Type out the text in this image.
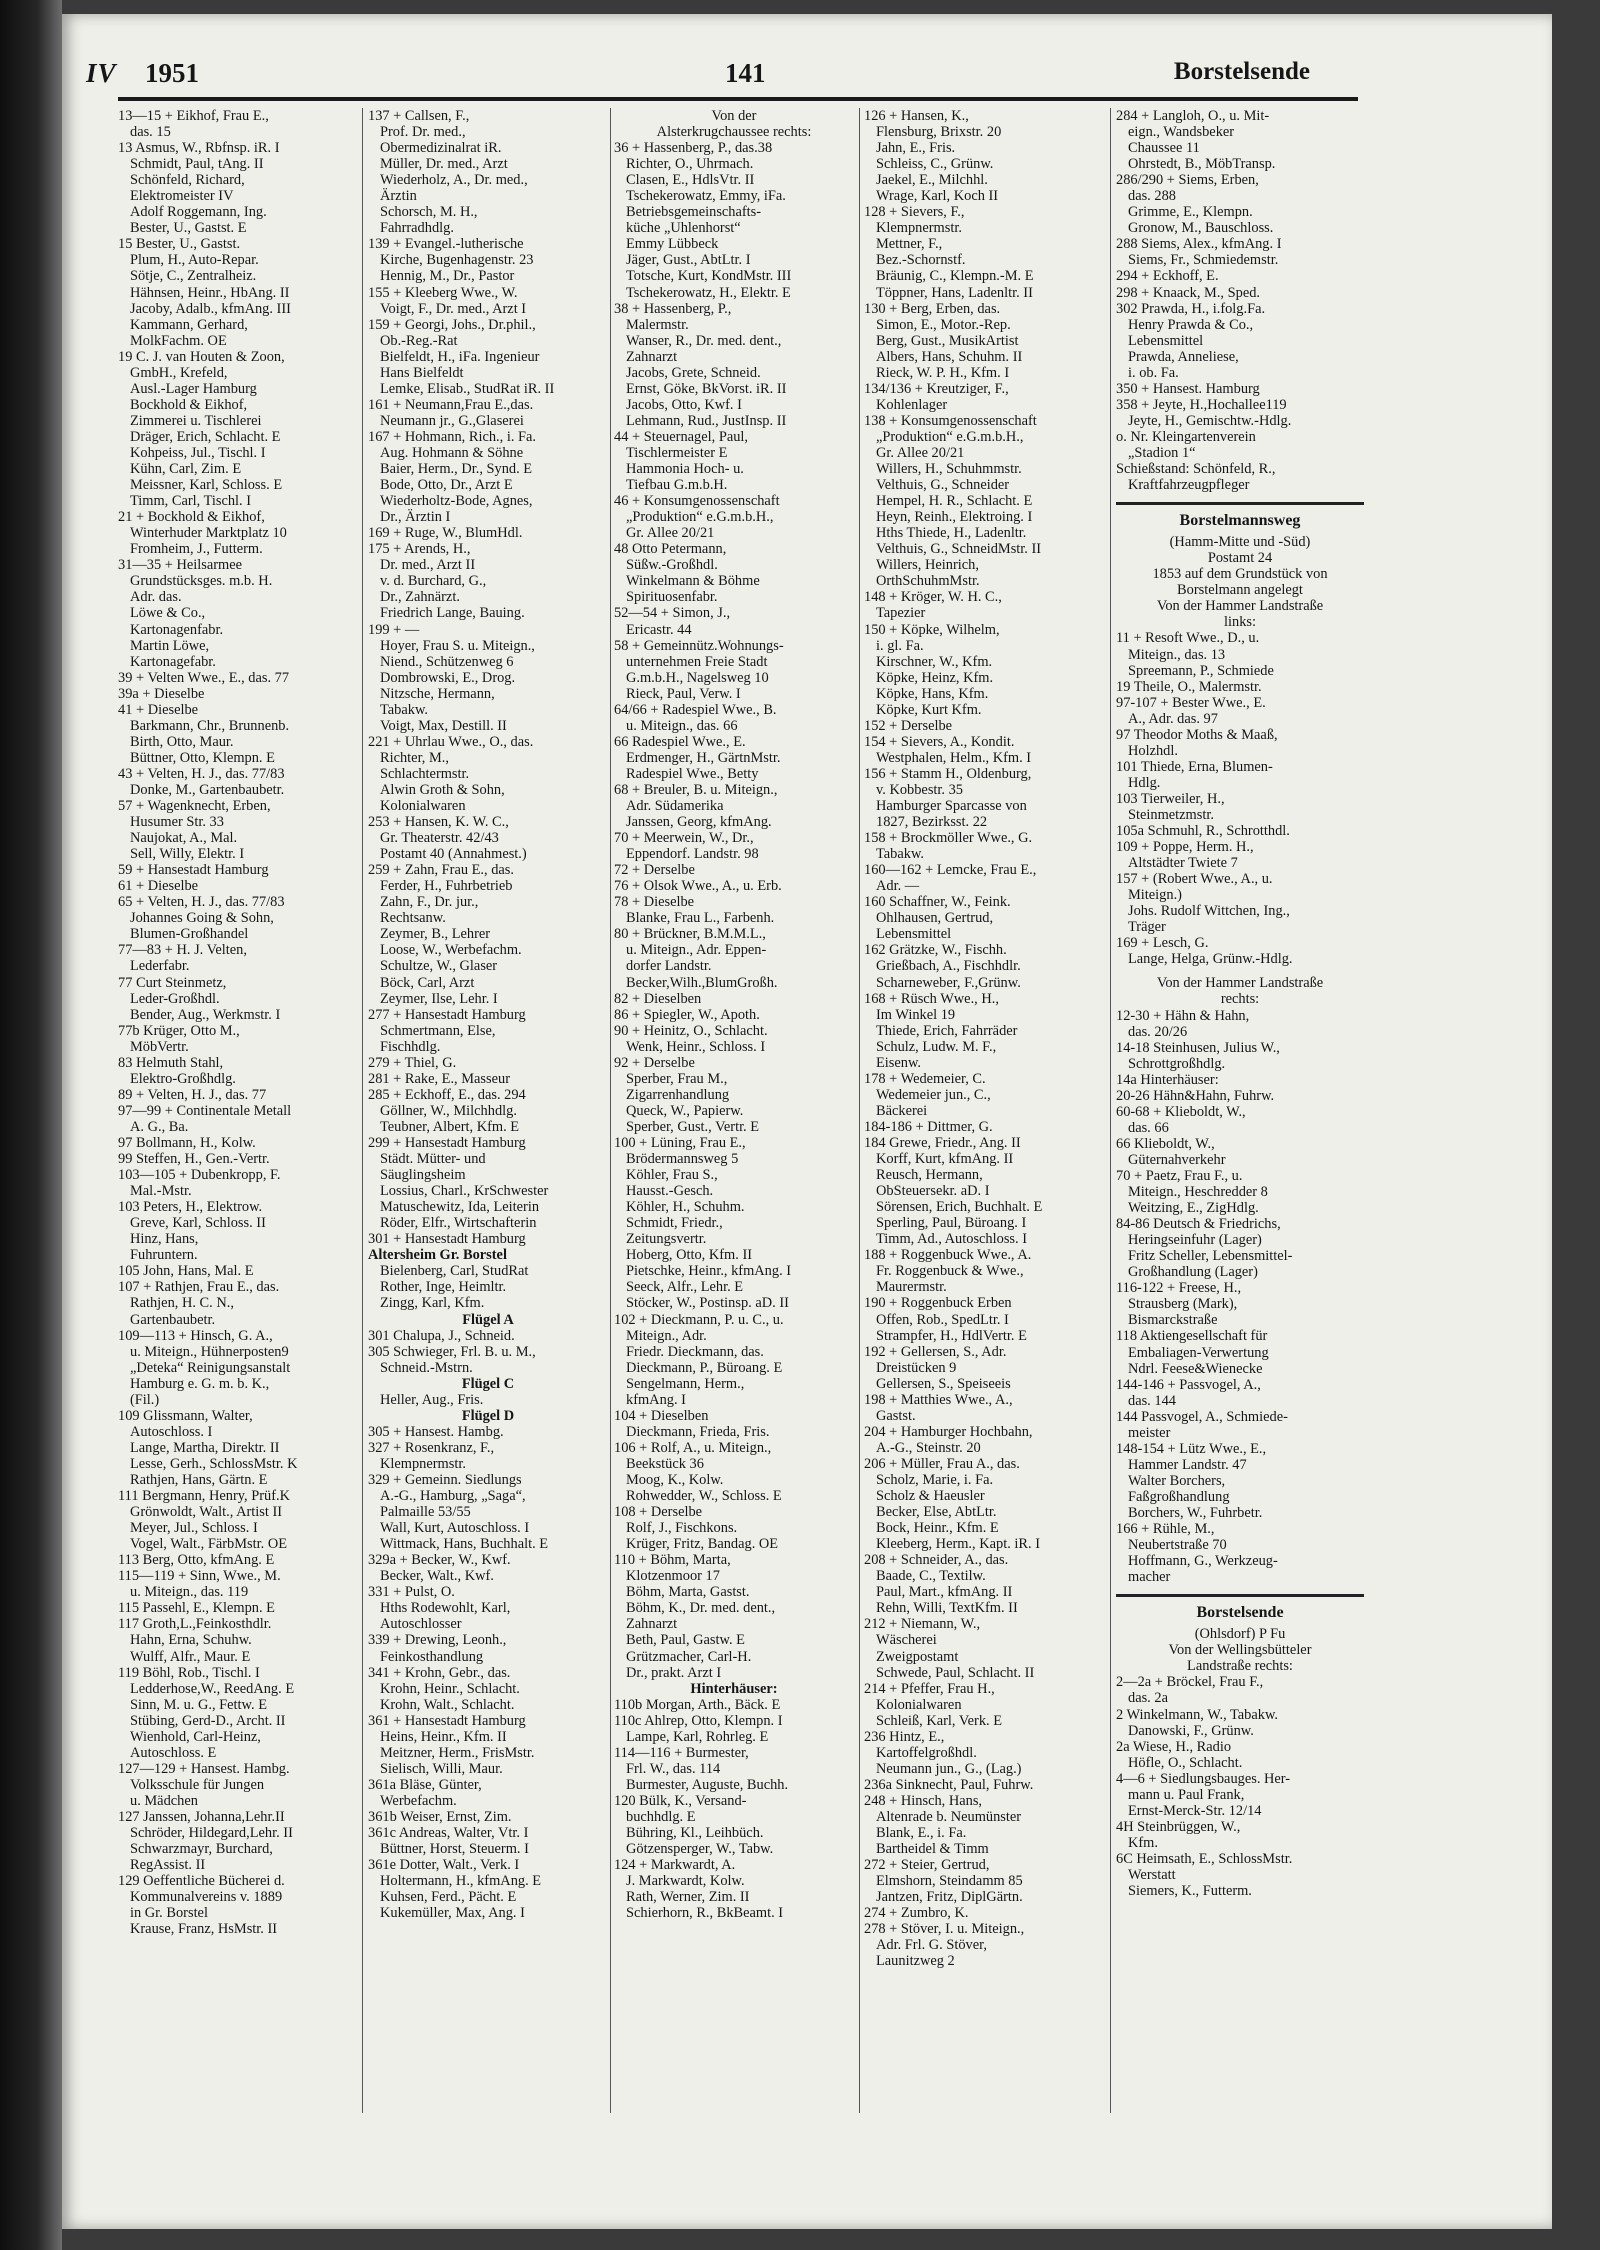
IV 1951	141	Borstelsende
13—15 + Eikhof, Frau E.,
das. 15
13 Asmus, W., Rbfnsp. iR. I
Schmidt, Paul, tAng. II
Schönfeld, Richard,
Elektromeister IV
Adolf Roggemann, Ing.
Bester, U., Gastst. E
15 Bester, U., Gastst.
Plum, H., Auto-Repar.
Sötje, C., Zentralheiz.
Hähnsen, Heinr., HbAng. II
Jacoby, Adalb., kfmAng. III
Kammann, Gerhard,
MolkFachm. OE
19 C. J. van Houten & Zoon,
GmbH., Krefeld,
Ausl.-Lager Hamburg
Bockhold & Eikhof,
Zimmerei u. Tischlerei
Dräger, Erich, Schlacht. E
Kohpeiss, Jul., Tischl. I
Kühn, Carl, Zim. E
Meissner, Karl, Schloss. E
Timm, Carl, Tischl. I
21 + Bockhold & Eikhof,
Winterhuder Marktplatz 10
Fromheim, J., Futterm.
31—35 + Heilsarmee
Grundstücksges. m.b. H.
Adr. das.
Löwe & Co.,
Kartonagenfabr.
Martin Löwe,
Kartonagefabr.
39 + Velten Wwe., E., das. 77
39a + Dieselbe
41 + Dieselbe
Barkmann, Chr., Brunnenb.
Birth, Otto, Maur.
Büttner, Otto, Klempn. E
43 + Velten, H. J., das. 77/83
Donke, M., Gartenbaubetr.
57 + Wagenknecht, Erben,
Husumer Str. 33
Naujokat, A., Mal.
Sell, Willy, Elektr. I
59 + Hansestadt Hamburg
61 + Dieselbe
65 + Velten, H. J., das. 77/83
Johannes Going & Sohn,
Blumen-Großhandel
77—83 + H. J. Velten,
Lederfabr.
77 Curt Steinmetz,
Leder-Großhdl.
Bender, Aug., Werkmstr. I
77b Krüger, Otto M.,
MöbVertr.
83 Helmuth Stahl,
Elektro-Großhdlg.
89 + Velten, H. J., das. 77
97—99 + Continentale Metall
A. G., Ba.
97 Bollmann, H., Kolw.
99 Steffen, H., Gen.-Vertr.
103—105 + Dubenkropp, F.
Mal.-Mstr.
103 Peters, H., Elektrow.
Greve, Karl, Schloss. II
Hinz, Hans,
Fuhruntern.
105 John, Hans, Mal. E
107 + Rathjen, Frau E., das.
Rathjen, H. C. N.,
Gartenbaubetr.
109—113 + Hinsch, G. A.,
u. Miteign., Hühnerposten9
„Deteka“ Reinigungsanstalt
Hamburg e. G. m. b. K.,
(Fil.)
109 Glissmann, Walter,
Autoschloss. I
Lange, Martha, Direktr. II
Lesse, Gerh., SchlossMstr. K
Rathjen, Hans, Gärtn. E
111 Bergmann, Henry, Prüf.K
Grönwoldt, Walt., Artist II
Meyer, Jul., Schloss. I
Vogel, Walt., FärbMstr. OE
113 Berg, Otto, kfmAng. E
115—119 + Sinn, Wwe., M.
u. Miteign., das. 119
115 Passehl, E., Klempn. E
117 Groth,L.,Feinkosthdlr.
Hahn, Erna, Schuhw.
Wulff, Alfr., Maur. E
119 Böhl, Rob., Tischl. I
Ledderhose,W., ReedAng. E
Sinn, M. u. G., Fettw. E
Stübing, Gerd-D., Archt. II
Wienhold, Carl-Heinz,
Autoschloss. E
127—129 + Hansest. Hambg.
Volksschule für Jungen
u. Mädchen
127 Janssen, Johanna,Lehr.II
Schröder, Hildegard,Lehr. II
Schwarzmayr, Burchard,
RegAssist. II
129 Oeffentliche Bücherei d.
Kommunalvereins v. 1889
in Gr. Borstel
Krause, Franz, HsMstr. II
137 + Callsen, F.,
Prof. Dr. med.,
Obermedizinalrat iR.
Müller, Dr. med., Arzt
Wiederholz, A., Dr. med.,
Ärztin
Schorsch, M. H.,
Fahrradhdlg.
139 + Evangel.-lutherische
Kirche, Bugenhagenstr. 23
Hennig, M., Dr., Pastor
155 + Kleeberg Wwe., W.
Voigt, F., Dr. med., Arzt I
159 + Georgi, Johs., Dr.phil.,
Ob.-Reg.-Rat
Bielfeldt, H., iFa. Ingenieur
Hans Bielfeldt
Lemke, Elisab., StudRat iR. II
161 + Neumann,Frau E.,das.
Neumann jr., G.,Glaserei
167 + Hohmann, Rich., i. Fa.
Aug. Hohmann & Söhne
Baier, Herm., Dr., Synd. E
Bode, Otto, Dr., Arzt E
Wiederholtz-Bode, Agnes,
Dr., Ärztin I
169 + Ruge, W., BlumHdl.
175 + Arends, H.,
Dr. med., Arzt II
v. d. Burchard, G.,
Dr., Zahnärzt.
Friedrich Lange, Bauing.
199 + —
Hoyer, Frau S. u. Miteign.,
Niend., Schützenweg 6
Dombrowski, E., Drog.
Nitzsche, Hermann,
Tabakw.
Voigt, Max, Destill. II
221 + Uhrlau Wwe., O., das.
Richter, M.,
Schlachtermstr.
Alwin Groth & Sohn,
Kolonialwaren
253 + Hansen, K. W. C.,
Gr. Theaterstr. 42/43
Postamt 40 (Annahmest.)
259 + Zahn, Frau E., das.
Ferder, H., Fuhrbetrieb
Zahn, F., Dr. jur.,
Rechtsanw.
Zeymer, B., Lehrer
Loose, W., Werbefachm.
Schultze, W., Glaser
Böck, Carl, Arzt
Zeymer, Ilse, Lehr. I
277 + Hansestadt Hamburg
Schmertmann, Else,
Fischhdlg.
279 + Thiel, G.
281 + Rake, E., Masseur
285 + Eckhoff, E., das. 294
Göllner, W., Milchhdlg.
Teubner, Albert, Kfm. E
299 + Hansestadt Hamburg
Städt. Mütter- und
Säuglingsheim
Lossius, Charl., KrSchwester
Matuschewitz, Ida, Leiterin
Röder, Elfr., Wirtschafterin
301 + Hansestadt Hamburg
Altersheim Gr. Borstel
Bielenberg, Carl, StudRat
Rother, Inge, Heimltr.
Zingg, Karl, Kfm.
Flügel A
301 Chalupa, J., Schneid.
305 Schwieger, Frl. B. u. M.,
Schneid.-Mstrn.
Flügel C
Heller, Aug., Fris.
Flügel D
305 + Hansest. Hambg.
327 + Rosenkranz, F.,
Klempnermstr.
329 + Gemeinn. Siedlungs
A.-G., Hamburg, „Saga“,
Palmaille 53/55
Wall, Kurt, Autoschloss. I
Wittmack, Hans, Buchhalt. E
329a + Becker, W., Kwf.
Becker, Walt., Kwf.
331 + Pulst, O.
Hths Rodewohlt, Karl,
Autoschlosser
339 + Drewing, Leonh.,
Feinkosthandlung
341 + Krohn, Gebr., das.
Krohn, Heinr., Schlacht.
Krohn, Walt., Schlacht.
361 + Hansestadt Hamburg
Heins, Heinr., Kfm. II
Meitzner, Herm., FrisMstr.
Sielisch, Willi, Maur.
361a Bläse, Günter,
Werbefachm.
361b Weiser, Ernst, Zim.
361c Andreas, Walter, Vtr. I
Büttner, Horst, Steuerm. I
361e Dotter, Walt., Verk. I
Holtermann, H., kfmAng. E
Kuhsen, Ferd., Pächt. E
Kukemüller, Max, Ang. I
Von der
Alsterkrugchaussee rechts:
36 + Hassenberg, P., das.38
Richter, O., Uhrmach.
Clasen, E., HdlsVtr. II
Tschekerowatz, Emmy, iFa.
Betriebsgemeinschafts-
küche „Uhlenhorst“
Emmy Lübbeck
Jäger, Gust., AbtLtr. I
Totsche, Kurt, KondMstr. III
Tschekerowatz, H., Elektr. E
38 + Hassenberg, P.,
Malermstr.
Wanser, R., Dr. med. dent.,
Zahnarzt
Jacobs, Grete, Schneid.
Ernst, Göke, BkVorst. iR. II
Jacobs, Otto, Kwf. I
Lehmann, Rud., JustInsp. II
44 + Steuernagel, Paul,
Tischlermeister E
Hammonia Hoch- u.
Tiefbau G.m.b.H.
46 + Konsumgenossenschaft
„Produktion“ e.G.m.b.H.,
Gr. Allee 20/21
48 Otto Petermann,
Süßw.-Großhdl.
Winkelmann & Böhme
Spirituosenfabr.
52—54 + Simon, J.,
Ericastr. 44
58 + Gemeinnütz.Wohnungs-
unternehmen Freie Stadt
G.m.b.H., Nagelsweg 10
Rieck, Paul, Verw. I
64/66 + Radespiel Wwe., B.
u. Miteign., das. 66
66 Radespiel Wwe., E.
Erdmenger, H., GärtnMstr.
Radespiel Wwe., Betty
68 + Breuler, B. u. Miteign.,
Adr. Südamerika
Janssen, Georg, kfmAng.
70 + Meerwein, W., Dr.,
Eppendorf. Landstr. 98
72 + Derselbe
76 + Olsok Wwe., A., u. Erb.
78 + Dieselbe
Blanke, Frau L., Farbenh.
80 + Brückner, B.M.M.L.,
u. Miteign., Adr. Eppen-
dorfer Landstr.
Becker,Wilh.,BlumGroßh.
82 + Dieselben
86 + Spiegler, W., Apoth.
90 + Heinitz, O., Schlacht.
Wenk, Heinr., Schloss. I
92 + Derselbe
Sperber, Frau M.,
Zigarrenhandlung
Queck, W., Papierw.
Sperber, Gust., Vertr. E
100 + Lüning, Frau E.,
Brödermannsweg 5
Köhler, Frau S.,
Hausst.-Gesch.
Köhler, H., Schuhm.
Schmidt, Friedr.,
Zeitungsvertr.
Hoberg, Otto, Kfm. II
Pietschke, Heinr., kfmAng. I
Seeck, Alfr., Lehr. E
Stöcker, W., Postinsp. aD. II
102 + Dieckmann, P. u. C., u.
Miteign., Adr.
Friedr. Dieckmann, das.
Dieckmann, P., Büroang. E
Sengelmann, Herm.,
kfmAng. I
104 + Dieselben
Dieckmann, Frieda, Fris.
106 + Rolf, A., u. Miteign.,
Beekstück 36
Moog, K., Kolw.
Rohwedder, W., Schloss. E
108 + Derselbe
Rolf, J., Fischkons.
Krüger, Fritz, Bandag. OE
110 + Böhm, Marta,
Klotzenmoor 17
Böhm, Marta, Gastst.
Böhm, K., Dr. med. dent.,
Zahnarzt
Beth, Paul, Gastw. E
Grützmacher, Carl-H.
Dr., prakt. Arzt I
Hinterhäuser:
110b Morgan, Arth., Bäck. E
110c Ahlrep, Otto, Klempn. I
Lampe, Karl, Rohrleg. E
114—116 + Burmester,
Frl. W., das. 114
Burmester, Auguste, Buchh.
120 Bülk, K., Versand-
buchhdlg. E
Bühring, Kl., Leihbüch.
Götzensperger, W., Tabw.
124 + Markwardt, A.
J. Markwardt, Kolw.
Rath, Werner, Zim. II
Schierhorn, R., BkBeamt. I
126 + Hansen, K.,
Flensburg, Brixstr. 20
Jahn, E., Fris.
Schleiss, C., Grünw.
Jaekel, E., Milchhl.
Wrage, Karl, Koch II
128 + Sievers, F.,
Klempnermstr.
Mettner, F.,
Bez.-Schornstf.
Bräunig, C., Klempn.-M. E
Töppner, Hans, Ladenltr. II
130 + Berg, Erben, das.
Simon, E., Motor.-Rep.
Berg, Gust., MusikArtist
Albers, Hans, Schuhm. II
Rieck, W. P. H., Kfm. I
134/136 + Kreutziger, F.,
Kohlenlager
138 + Konsumgenossenschaft
„Produktion“ e.G.m.b.H.,
Gr. Allee 20/21
Willers, H., Schuhmmstr.
Velthuis, G., Schneider
Hempel, H. R., Schlacht. E
Heyn, Reinh., Elektroing. I
Hths Thiede, H., Ladenltr.
Velthuis, G., SchneidMstr. II
Willers, Heinrich,
OrthSchuhmMstr.
148 + Kröger, W. H. C.,
Tapezier
150 + Köpke, Wilhelm,
i. gl. Fa.
Kirschner, W., Kfm.
Köpke, Heinz, Kfm.
Köpke, Hans, Kfm.
Köpke, Kurt Kfm.
152 + Derselbe
154 + Sievers, A., Kondit.
Westphalen, Helm., Kfm. I
156 + Stamm H., Oldenburg,
v. Kobbestr. 35
Hamburger Sparcasse von
1827, Bezirksst. 22
158 + Brockmöller Wwe., G.
Tabakw.
160—162 + Lemcke, Frau E.,
Adr. —
160 Schaffner, W., Feink.
Ohlhausen, Gertrud,
Lebensmittel
162 Grätzke, W., Fischh.
Grießbach, A., Fischhdlr.
Scharneweber, F.,Grünw.
168 + Rüsch Wwe., H.,
Im Winkel 19
Thiede, Erich, Fahrräder
Schulz, Ludw. M. F.,
Eisenw.
178 + Wedemeier, C.
Wedemeier jun., C.,
Bäckerei
184-186 + Dittmer, G.
184 Grewe, Friedr., Ang. II
Korff, Kurt, kfmAng. II
Reusch, Hermann,
ObSteuersekr. aD. I
Sörensen, Erich, Buchhalt. E
Sperling, Paul, Büroang. I
Timm, Ad., Autoschloss. I
188 + Roggenbuck Wwe., A.
Fr. Roggenbuck & Wwe.,
Maurermstr.
190 + Roggenbuck Erben
Offen, Rob., SpedLtr. I
Strampfer, H., HdlVertr. E
192 + Gellersen, S., Adr.
Dreistücken 9
Gellersen, S., Speiseeis
198 + Matthies Wwe., A.,
Gastst.
204 + Hamburger Hochbahn,
A.-G., Steinstr. 20
206 + Müller, Frau A., das.
Scholz, Marie, i. Fa.
Scholz & Haeusler
Becker, Else, AbtLtr.
Bock, Heinr., Kfm. E
Kleeberg, Herm., Kapt. iR. I
208 + Schneider, A., das.
Baade, C., Textilw.
Paul, Mart., kfmAng. II
Rehn, Willi, TextKfm. II
212 + Niemann, W.,
Wäscherei
Zweigpostamt
Schwede, Paul, Schlacht. II
214 + Pfeffer, Frau H.,
Kolonialwaren
Schleiß, Karl, Verk. E
236 Hintz, E.,
Kartoffelgroßhdl.
Neumann jun., G., (Lag.)
236a Sinknecht, Paul, Fuhrw.
248 + Hinsch, Hans,
Altenrade b. Neumünster
Blank, E., i. Fa.
Bartheidel & Timm
272 + Steier, Gertrud,
Elmshorn, Steindamm 85
Jantzen, Fritz, DiplGärtn.
274 + Zumbro, K.
278 + Stöver, I. u. Miteign.,
Adr. Frl. G. Stöver,
Launitzweg 2
284 + Langloh, O., u. Mit-
eign., Wandsbeker
Chaussee 11
Ohrstedt, B., MöbTransp.
286/290 + Siems, Erben,
das. 288
Grimme, E., Klempn.
Gronow, M., Bauschloss.
288 Siems, Alex., kfmAng. I
Siems, Fr., Schmiedemstr.
294 + Eckhoff, E.
298 + Knaack, M., Sped.
302 Prawda, H., i.folg.Fa.
Henry Prawda & Co.,
Lebensmittel
Prawda, Anneliese,
i. ob. Fa.
350 + Hansest. Hamburg
358 + Jeyte, H.,Hochallee119
Jeyte, H., Gemischtw.-Hdlg.
o. Nr. Kleingartenverein
„Stadion 1“
Schießstand: Schönfeld, R.,
Kraftfahrzeugpfleger
Borstelmannsweg
(Hamm-Mitte und -Süd)
Postamt 24
1853 auf dem Grundstück von
Borstelmann angelegt
Von der Hammer Landstraße
links:
11 + Resoft Wwe., D., u.
Miteign., das. 13
Spreemann, P., Schmiede
19 Theile, O., Malermstr.
97-107 + Bester Wwe., E.
A., Adr. das. 97
97 Theodor Moths & Maaß,
Holzhdl.
101 Thiede, Erna, Blumen-
Hdlg.
103 Tierweiler, H.,
Steinmetzmstr.
105a Schmuhl, R., Schrotthdl.
109 + Poppe, Herm. H.,
Altstädter Twiete 7
157 + (Robert Wwe., A., u.
Miteign.)
Johs. Rudolf Wittchen, Ing.,
Träger
169 + Lesch, G.
Lange, Helga, Grünw.-Hdlg.
Von der Hammer Landstraße
rechts:
12-30 + Hähn & Hahn,
das. 20/26
14-18 Steinhusen, Julius W.,
Schrottgroßhdlg.
14a Hinterhäuser:
20-26 Hähn&Hahn, Fuhrw.
60-68 + Klieboldt, W.,
das. 66
66 Klieboldt, W.,
Güternahverkehr
70 + Paetz, Frau F., u.
Miteign., Heschredder 8
Weitzing, E., ZigHdlg.
84-86 Deutsch & Friedrichs,
Heringseinfuhr (Lager)
Fritz Scheller, Lebensmittel-
Großhandlung (Lager)
116-122 + Freese, H.,
Strausberg (Mark),
Bismarckstraße
118 Aktiengesellschaft für
Embaliagen-Verwertung
Ndrl. Feese&Wienecke
144-146 + Passvogel, A.,
das. 144
144 Passvogel, A., Schmiede-
meister
148-154 + Lütz Wwe., E.,
Hammer Landstr. 47
Walter Borchers,
Faßgroßhandlung
Borchers, W., Fuhrbetr.
166 + Rühle, M.,
Neubertstraße 70
Hoffmann, G., Werkzeug-
macher
Borstelsende
(Ohlsdorf) P Fu
Von der Wellingsbütteler
Landstraße rechts:
2—2a + Bröckel, Frau F.,
das. 2a
2 Winkelmann, W., Tabakw.
Danowski, F., Grünw.
2a Wiese, H., Radio
Höfle, O., Schlacht.
4—6 + Siedlungsbauges. Her-
mann u. Paul Frank,
Ernst-Merck-Str. 12/14
4H Steinbrüggen, W.,
Kfm.
6C Heimsath, E., SchlossMstr.
Werstatt
Siemers, K., Futterm.
